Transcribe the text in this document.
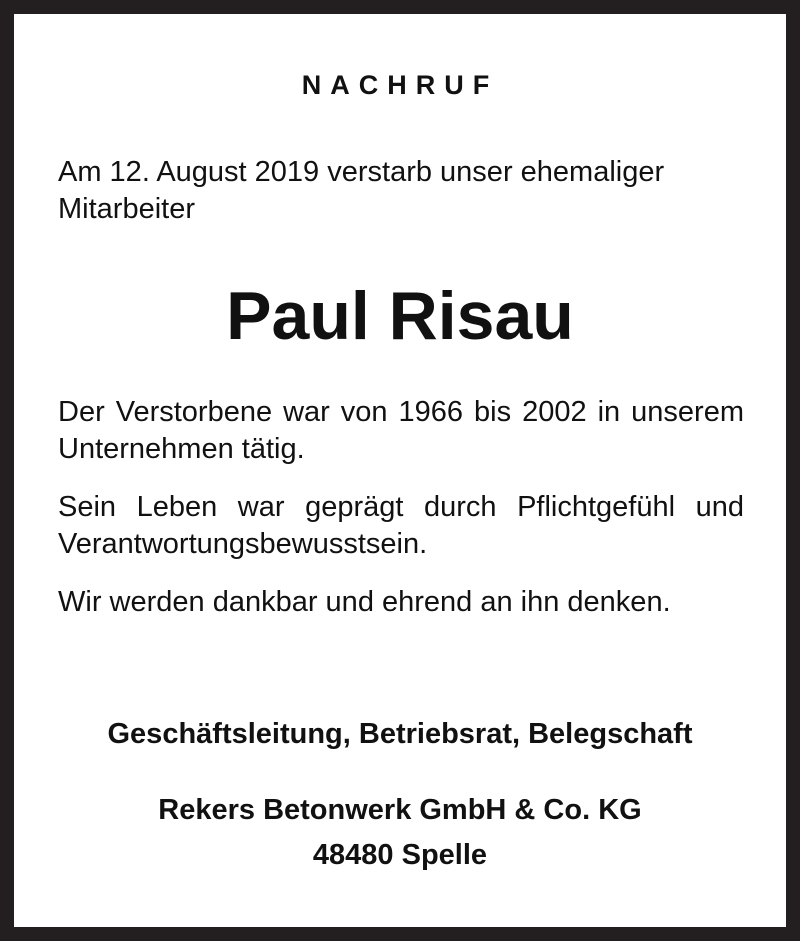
NACHRUF
Am 12. August 2019 verstarb unser ehemaliger Mitarbeiter
Paul Risau
Der Verstorbene war von 1966 bis 2002 in unserem Unternehmen tätig.
Sein Leben war geprägt durch Pflichtgefühl und Verantwortungsbewusstsein.
Wir werden dankbar und ehrend an ihn denken.
Geschäftsleitung, Betriebsrat, Belegschaft
Rekers Betonwerk GmbH & Co. KG
48480 Spelle
